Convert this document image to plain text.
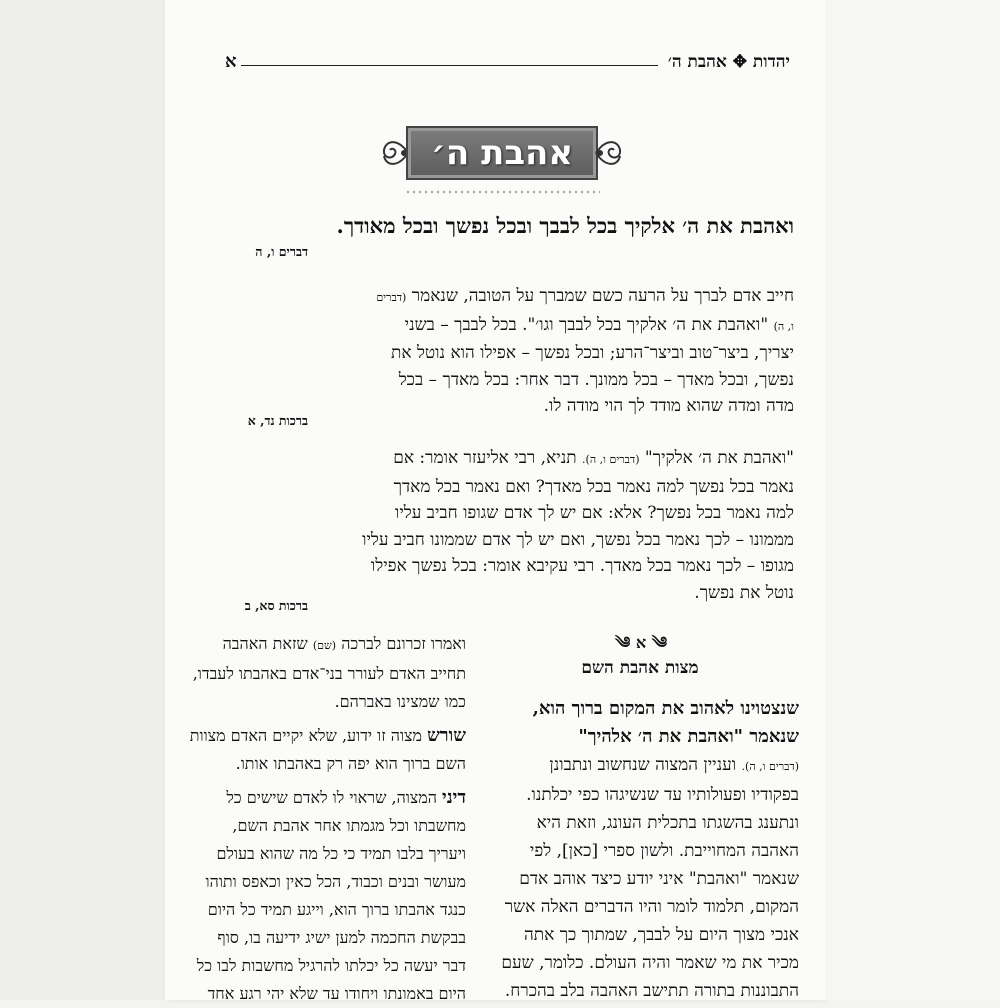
יהדות ✥ אהבת ה׳
א
אהבת ה׳
ואהבת את ה׳ אלקיך בכל לבבך ובכל נפשך ובכל מאודך.
דברים ו, ה
חייב אדם לברך על הרעה כשם שמברך על הטובה, שנאמר (דברים
ו, ה) "ואהבת את ה׳ אלקיך בכל לבבך וגו׳". בכל לבבך – בשני
יצריך, ביצר־טוב וביצר־הרע; ובכל נפשך – אפילו הוא נוטל את
נפשך, ובכל מאדך – בכל ממונך. דבר אחר: בכל מאדך – בכל
מדה ומדה שהוא מודד לך הוי מודה לו.
ברכות נד, א
"ואהבת את ה׳ אלקיך" (דברים ו, ה). תניא, רבי אליעזר אומר: אם
נאמר בכל נפשך למה נאמר בכל מאדך? ואם נאמר בכל מאדך
למה נאמר בכל נפשך? אלא: אם יש לך אדם שגופו חביב עליו
מממונו – לכך נאמר בכל נפשך, ואם יש לך אדם שממונו חביב עליו
מגופו – לכך נאמר בכל מאדך. רבי עקיבא אומר: בכל נפשך אפילו
נוטל את נפשך.
ברכות סא, ב
༄ א ༄
מצות אהבת השם
שנצטוינו לאהוב את המקום ברוך הוא,
שנאמר "ואהבת את ה׳ אלהיך"
(דברים ו, ה). ועניין המצוה שנחשוב ונתבונן
בפקודיו ופעולותיו עד שנשיגהו כפי יכלתנו.
ונתענג בהשגתו בתכלית העונג, וזאת היא
האהבה המחוייבת. ולשון ספרי [כאן], לפי
שנאמר "ואהבת" איני יודע כיצד אוהב אדם
המקום, תלמוד לומר והיו הדברים האלה אשר
אנכי מצוך היום על לבבך, שמתוך כך אתה
מכיר את מי שאמר והיה העולם. כלומר, שעם
התבוננות בתורה תתישב האהבה בלב בהכרח.
ואמרו זכרונם לברכה (שם) שזאת האהבה
תחייב האדם לעורר בני־אדם באהבתו לעבדו,
כמו שמצינו באברהם.
שורש מצוה זו ידוע, שלא יקיים האדם מצוות
השם ברוך הוא יפה רק באהבתו אותו.
דיני המצוה, שראוי לו לאדם שישים כל
מחשבתו וכל מגמתו אחר אהבת השם,
ויעריך בלבו תמיד כי כל מה שהוא בעולם
מעושר ובנים וכבוד, הכל כאין וכאפס ותוהו
כנגד אהבתו ברוך הוא, וייגע תמיד כל היום
בבקשת החכמה למען ישיג ידיעה בו, סוף
דבר יעשה כל יכלתו להרגיל מחשבות לבו כל
היום באמונתו ויחודו עד שלא יהי רגע אחד
